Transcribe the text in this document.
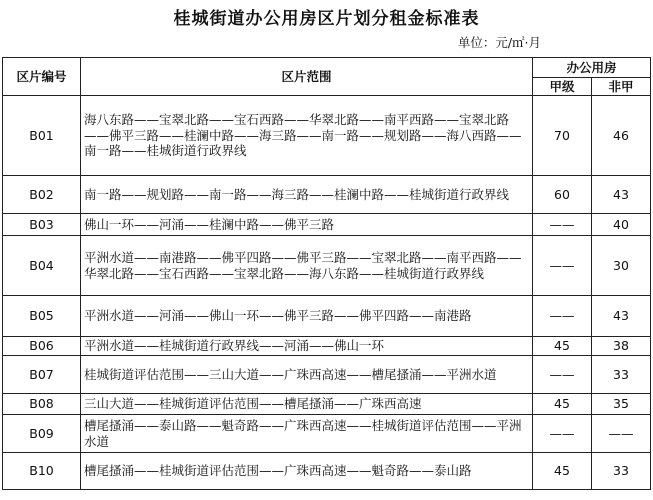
桂城街道办公用房区片划分租金标准表
单位：元/㎡·月
区片编号	区片范围	办公用房	
		甲级	非甲
B01	海八东路——宝翠北路——宝石西路——华翠北路——南平西路——宝翠北路——佛平三路——桂澜中路——海三路——南一路——规划路——海八西路——南一路——桂城街道行政界线	70	46
B02	南一路——规划路——南一路——海三路——桂澜中路——桂城街道行政界线	60	43
B03	佛山一环——河涌——桂澜中路——佛平三路	——	40
B04	平洲水道——南港路——佛平四路——佛平三路——宝翠北路——南平西路——华翠北路——宝石西路——宝翠北路——海八东路——桂城街道行政界线	——	30
B05	平洲水道——河涌——佛山一环——佛平三路——佛平四路——南港路	——	43
B06	平洲水道——桂城街道行政界线——河涌——佛山一环	45	38
B07	桂城街道评估范围——三山大道——广珠西高速——槽尾搔涌——平洲水道	——	33
B08	三山大道——桂城街道评估范围——槽尾搔涌——广珠西高速	45	35
B09	槽尾搔涌——泰山路——魁奇路——广珠西高速——桂城街道评估范围——平洲水道	——	——
B10	槽尾搔涌——桂城街道评估范围——广珠西高速——魁奇路——泰山路	45	33
